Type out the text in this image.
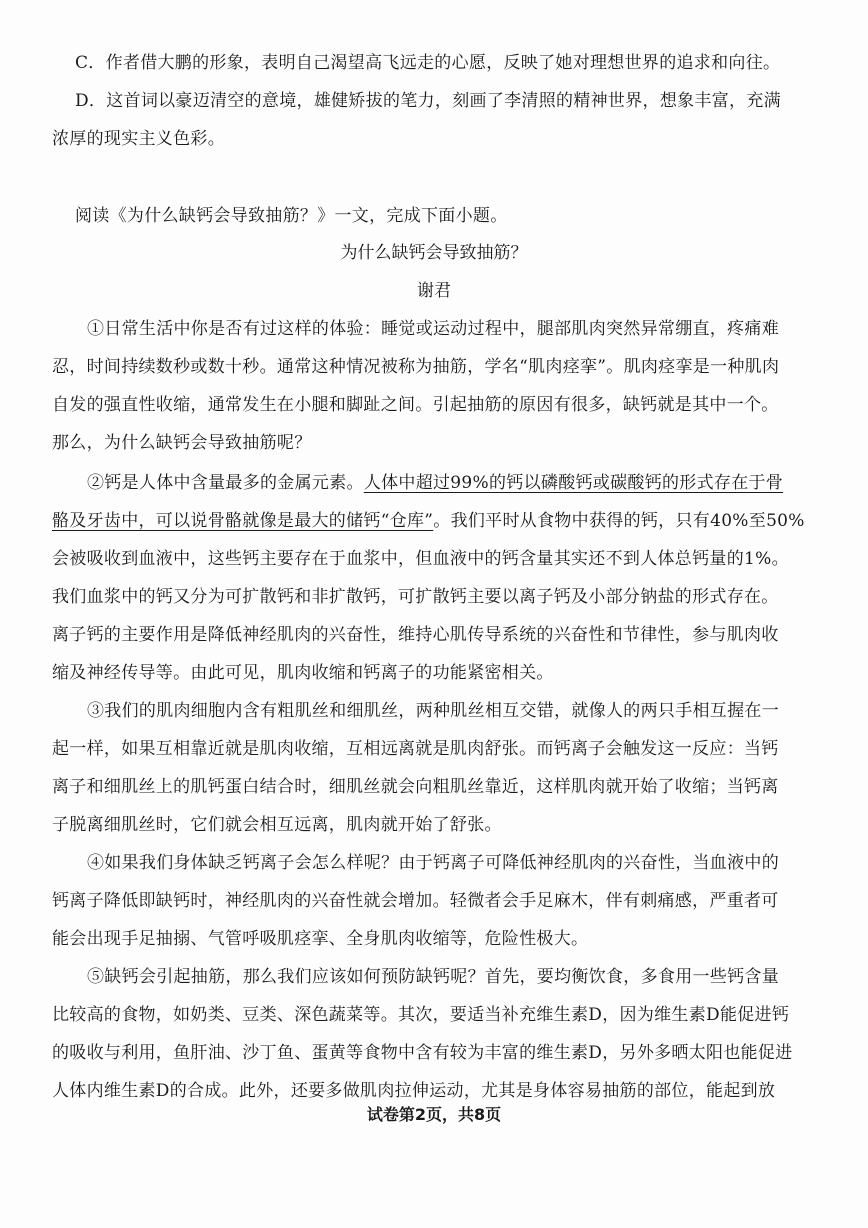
C．作者借大鹏的形象，表明自己渴望高飞远走的心愿，反映了她对理想世界的追求和向往。
D．这首词以豪迈清空的意境，雄健矫拔的笔力，刻画了李清照的精神世界，想象丰富，充满
浓厚的现实主义色彩。
阅读《为什么缺钙会导致抽筋？》一文，完成下面小题。
为什么缺钙会导致抽筋？
谢君
①日常生活中你是否有过这样的体验：睡觉或运动过程中，腿部肌肉突然异常绷直，疼痛难
忍，时间持续数秒或数十秒。通常这种情况被称为抽筋，学名“肌肉痉挛”。肌肉痉挛是一种肌肉
自发的强直性收缩，通常发生在小腿和脚趾之间。引起抽筋的原因有很多，缺钙就是其中一个。
那么，为什么缺钙会导致抽筋呢？
②钙是人体中含量最多的金属元素。人体中超过99%的钙以磷酸钙或碳酸钙的形式存在于骨
骼及牙齿中，可以说骨骼就像是最大的储钙“仓库”。我们平时从食物中获得的钙，只有40%至50%
会被吸收到血液中，这些钙主要存在于血浆中，但血液中的钙含量其实还不到人体总钙量的1%。
我们血浆中的钙又分为可扩散钙和非扩散钙，可扩散钙主要以离子钙及小部分钠盐的形式存在。
离子钙的主要作用是降低神经肌肉的兴奋性，维持心肌传导系统的兴奋性和节律性，参与肌肉收
缩及神经传导等。由此可见，肌肉收缩和钙离子的功能紧密相关。
③我们的肌肉细胞内含有粗肌丝和细肌丝，两种肌丝相互交错，就像人的两只手相互握在一
起一样，如果互相靠近就是肌肉收缩，互相远离就是肌肉舒张。而钙离子会触发这一反应：当钙
离子和细肌丝上的肌钙蛋白结合时，细肌丝就会向粗肌丝靠近，这样肌肉就开始了收缩；当钙离
子脱离细肌丝时，它们就会相互远离，肌肉就开始了舒张。
④如果我们身体缺乏钙离子会怎么样呢？由于钙离子可降低神经肌肉的兴奋性，当血液中的
钙离子降低即缺钙时，神经肌肉的兴奋性就会增加。轻微者会手足麻木，伴有刺痛感，严重者可
能会出现手足抽搦、气管呼吸肌痉挛、全身肌肉收缩等，危险性极大。
⑤缺钙会引起抽筋，那么我们应该如何预防缺钙呢？首先，要均衡饮食，多食用一些钙含量
比较高的食物，如奶类、豆类、深色蔬菜等。其次，要适当补充维生素D，因为维生素D能促进钙
的吸收与利用，鱼肝油、沙丁鱼、蛋黄等食物中含有较为丰富的维生素D，另外多晒太阳也能促进
人体内维生素D的合成。此外，还要多做肌肉拉伸运动，尤其是身体容易抽筋的部位，能起到放
试卷第2页，共8页
